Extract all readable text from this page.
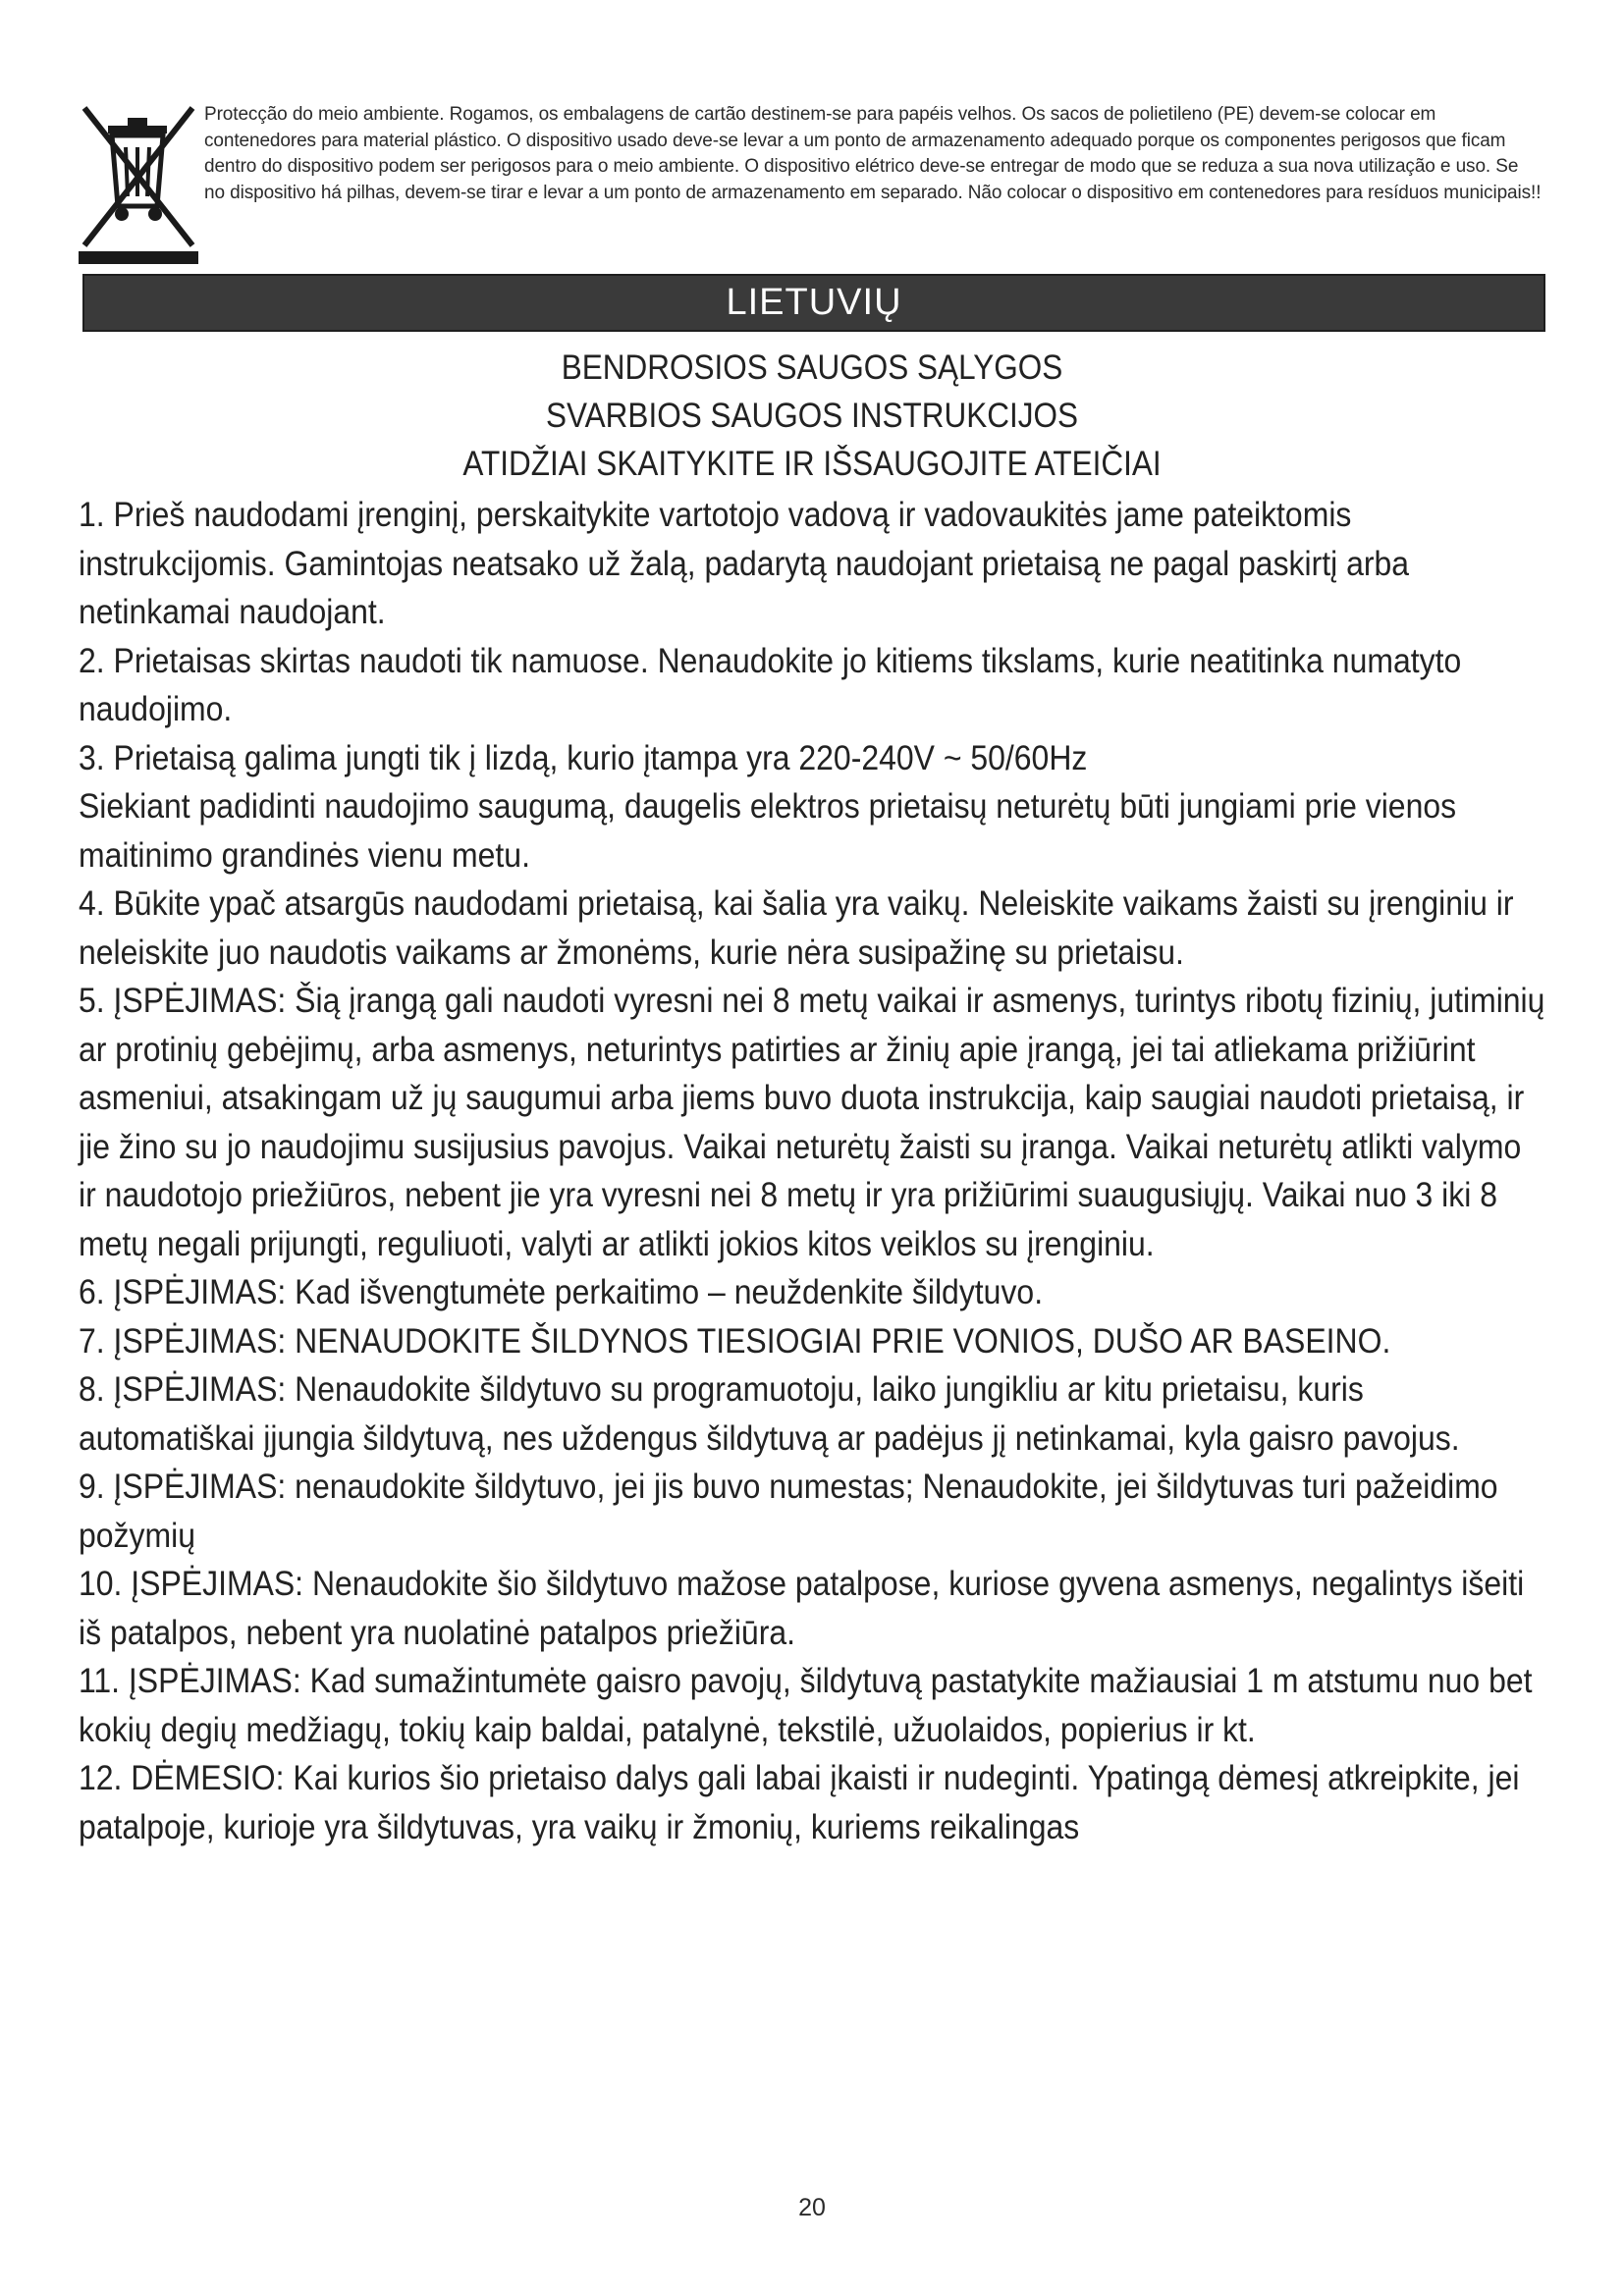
Protecção do meio ambiente. Rogamos, os embalagens de cartão destinem-se para papéis velhos. Os sacos de polietileno (PE) devem-se colocar em contenedores para material plástico. O dispositivo usado deve-se levar a um ponto de armazenamento adequado porque os componentes perigosos que ficam dentro do dispositivo podem ser perigosos para o meio ambiente. O dispositivo elétrico deve-se entregar de modo que se reduza a sua nova utilização e uso. Se no dispositivo há pilhas, devem-se tirar e levar a um ponto de armazenamento em separado. Não colocar o dispositivo em contenedores para resíduos municipais!!
LIETUVIŲ
BENDROSIOS SAUGOS SĄLYGOS
SVARBIOS SAUGOS INSTRUKCIJOS
ATIDŽIAI SKAITYKITE IR IŠSAUGOJITE ATEIČIAI

1. Prieš naudodami įrenginį, perskaitykite vartotojo vadovą ir vadovaukitės jame pateiktomis instrukcijomis. Gamintojas neatsako už žalą, padarytą naudojant prietaisą ne pagal paskirtį arba netinkamai naudojant.

2. Prietaisas skirtas naudoti tik namuose. Nenaudokite jo kitiems tikslams, kurie neatitinka numatyto naudojimo.

3. Prietaisą galima jungti tik į lizdą, kurio įtampa yra 220-240V ~ 50/60Hz

Siekiant padidinti naudojimo saugumą, daugelis elektros prietaisų neturėtų būti jungiami prie vienos maitinimo grandinės vienu metu.

4. Būkite ypač atsargūs naudodami prietaisą, kai šalia yra vaikų. Neleiskite vaikams žaisti su įrenginiu ir neleiskite juo naudotis vaikams ar žmonėms, kurie nėra susipažinę su prietaisu.

5. ĮSPĖJIMAS: Šią įrangą gali naudoti vyresni nei 8 metų vaikai ir asmenys, turintys ribotų fizinių, jutiminių ar protinių gebėjimų, arba asmenys, neturintys patirties ar žinių apie įrangą, jei tai atliekama prižiūrint asmeniui, atsakingam už jų saugumui arba jiems buvo duota instrukcija, kaip saugiai naudoti prietaisą, ir jie žino su jo naudojimu susijusius pavojus. Vaikai neturėtų žaisti su įranga. Vaikai neturėtų atlikti valymo ir naudotojo priežiūros, nebent jie yra vyresni nei 8 metų ir yra prižiūrimi suaugusiųjų. Vaikai nuo 3 iki 8 metų negali prijungti, reguliuoti, valyti ar atlikti jokios kitos veiklos su įrenginiu.

6. ĮSPĖJIMAS: Kad išvengtumėte perkaitimo – neuždenkite šildytuvo.

7. ĮSPĖJIMAS: NENAUDOKITE ŠILDYNOS TIESIOGIAI PRIE VONIOS, DUŠO AR BASEINO.

8. ĮSPĖJIMAS: Nenaudokite šildytuvo su programuotoju, laiko jungikliu ar kitu prietaisu, kuris automatiškai įjungia šildytuvą, nes uždengus šildytuvą ar padėjus jį netinkamai, kyla gaisro pavojus.

9. ĮSPĖJIMAS: nenaudokite šildytuvo, jei jis buvo numestas; Nenaudokite, jei šildytuvas turi pažeidimo požymių

10. ĮSPĖJIMAS: Nenaudokite šio šildytuvo mažose patalpose, kuriose gyvena asmenys, negalintys išeiti iš patalpos, nebent yra nuolatinė patalpos priežiūra.

11. ĮSPĖJIMAS: Kad sumažintumėte gaisro pavojų, šildytuvą pastatykite mažiausiai 1 m atstumu nuo bet kokių degių medžiagų, tokių kaip baldai, patalynė, tekstilė, užuolaidos, popierius ir kt.

12. DĖMESIO: Kai kurios šio prietaiso dalys gali labai įkaisti ir nudeginti. Ypatingą dėmesį atkreipkite, jei patalpoje, kurioje yra šildytuvas, yra vaikų ir žmonių, kuriems reikalingas

20
